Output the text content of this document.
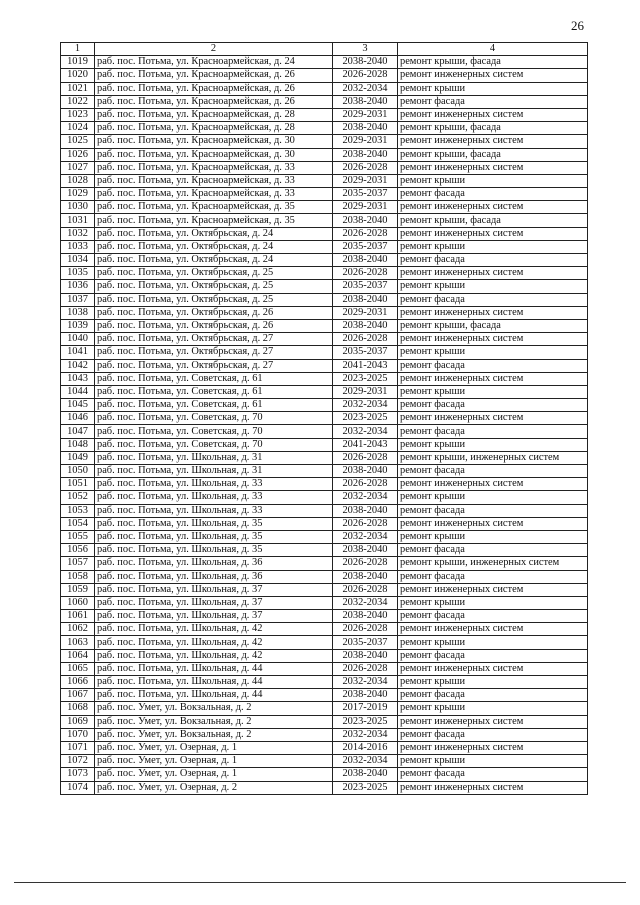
26
1	2	3	4
1019	раб. пос. Потьма, ул. Красноармейская, д. 24	2038-2040	ремонт крыши, фасада
1020	раб. пос. Потьма, ул. Красноармейская, д. 26	2026-2028	ремонт инженерных систем
1021	раб. пос. Потьма, ул. Красноармейская, д. 26	2032-2034	ремонт крыши
1022	раб. пос. Потьма, ул. Красноармейская, д. 26	2038-2040	ремонт фасада
1023	раб. пос. Потьма, ул. Красноармейская, д. 28	2029-2031	ремонт инженерных систем
1024	раб. пос. Потьма, ул. Красноармейская, д. 28	2038-2040	ремонт крыши, фасада
1025	раб. пос. Потьма, ул. Красноармейская, д. 30	2029-2031	ремонт инженерных систем
1026	раб. пос. Потьма, ул. Красноармейская, д. 30	2038-2040	ремонт крыши, фасада
1027	раб. пос. Потьма, ул. Красноармейская, д. 33	2026-2028	ремонт инженерных систем
1028	раб. пос. Потьма, ул. Красноармейская, д. 33	2029-2031	ремонт крыши
1029	раб. пос. Потьма, ул. Красноармейская, д. 33	2035-2037	ремонт фасада
1030	раб. пос. Потьма, ул. Красноармейская, д. 35	2029-2031	ремонт инженерных систем
1031	раб. пос. Потьма, ул. Красноармейская, д. 35	2038-2040	ремонт крыши, фасада
1032	раб. пос. Потьма, ул. Октябрьская, д. 24	2026-2028	ремонт инженерных систем
1033	раб. пос. Потьма, ул. Октябрьская, д. 24	2035-2037	ремонт крыши
1034	раб. пос. Потьма, ул. Октябрьская, д. 24	2038-2040	ремонт фасада
1035	раб. пос. Потьма, ул. Октябрьская, д. 25	2026-2028	ремонт инженерных систем
1036	раб. пос. Потьма, ул. Октябрьская, д. 25	2035-2037	ремонт крыши
1037	раб. пос. Потьма, ул. Октябрьская, д. 25	2038-2040	ремонт фасада
1038	раб. пос. Потьма, ул. Октябрьская, д. 26	2029-2031	ремонт инженерных систем
1039	раб. пос. Потьма, ул. Октябрьская, д. 26	2038-2040	ремонт крыши, фасада
1040	раб. пос. Потьма, ул. Октябрьская, д. 27	2026-2028	ремонт инженерных систем
1041	раб. пос. Потьма, ул. Октябрьская, д. 27	2035-2037	ремонт крыши
1042	раб. пос. Потьма, ул. Октябрьская, д. 27	2041-2043	ремонт фасада
1043	раб. пос. Потьма, ул. Советская, д. 61	2023-2025	ремонт инженерных систем
1044	раб. пос. Потьма, ул. Советская, д. 61	2029-2031	ремонт крыши
1045	раб. пос. Потьма, ул. Советская, д. 61	2032-2034	ремонт фасада
1046	раб. пос. Потьма, ул. Советская, д. 70	2023-2025	ремонт инженерных систем
1047	раб. пос. Потьма, ул. Советская, д. 70	2032-2034	ремонт фасада
1048	раб. пос. Потьма, ул. Советская, д. 70	2041-2043	ремонт крыши
1049	раб. пос. Потьма, ул. Школьная, д. 31	2026-2028	ремонт крыши, инженерных систем
1050	раб. пос. Потьма, ул. Школьная, д. 31	2038-2040	ремонт фасада
1051	раб. пос. Потьма, ул. Школьная, д. 33	2026-2028	ремонт инженерных систем
1052	раб. пос. Потьма, ул. Школьная, д. 33	2032-2034	ремонт крыши
1053	раб. пос. Потьма, ул. Школьная, д. 33	2038-2040	ремонт фасада
1054	раб. пос. Потьма, ул. Школьная, д. 35	2026-2028	ремонт инженерных систем
1055	раб. пос. Потьма, ул. Школьная, д. 35	2032-2034	ремонт крыши
1056	раб. пос. Потьма, ул. Школьная, д. 35	2038-2040	ремонт фасада
1057	раб. пос. Потьма, ул. Школьная, д. 36	2026-2028	ремонт крыши, инженерных систем
1058	раб. пос. Потьма, ул. Школьная, д. 36	2038-2040	ремонт фасада
1059	раб. пос. Потьма, ул. Школьная, д. 37	2026-2028	ремонт инженерных систем
1060	раб. пос. Потьма, ул. Школьная, д. 37	2032-2034	ремонт крыши
1061	раб. пос. Потьма, ул. Школьная, д. 37	2038-2040	ремонт фасада
1062	раб. пос. Потьма, ул. Школьная, д. 42	2026-2028	ремонт инженерных систем
1063	раб. пос. Потьма, ул. Школьная, д. 42	2035-2037	ремонт крыши
1064	раб. пос. Потьма, ул. Школьная, д. 42	2038-2040	ремонт фасада
1065	раб. пос. Потьма, ул. Школьная, д. 44	2026-2028	ремонт инженерных систем
1066	раб. пос. Потьма, ул. Школьная, д. 44	2032-2034	ремонт крыши
1067	раб. пос. Потьма, ул. Школьная, д. 44	2038-2040	ремонт фасада
1068	раб. пос. Умет, ул. Вокзальная, д. 2	2017-2019	ремонт крыши
1069	раб. пос. Умет, ул. Вокзальная, д. 2	2023-2025	ремонт инженерных систем
1070	раб. пос. Умет, ул. Вокзальная, д. 2	2032-2034	ремонт фасада
1071	раб. пос. Умет, ул. Озерная, д. 1	2014-2016	ремонт инженерных систем
1072	раб. пос. Умет, ул. Озерная, д. 1	2032-2034	ремонт крыши
1073	раб. пос. Умет, ул. Озерная, д. 1	2038-2040	ремонт фасада
1074	раб. пос. Умет, ул. Озерная, д. 2	2023-2025	ремонт инженерных систем
